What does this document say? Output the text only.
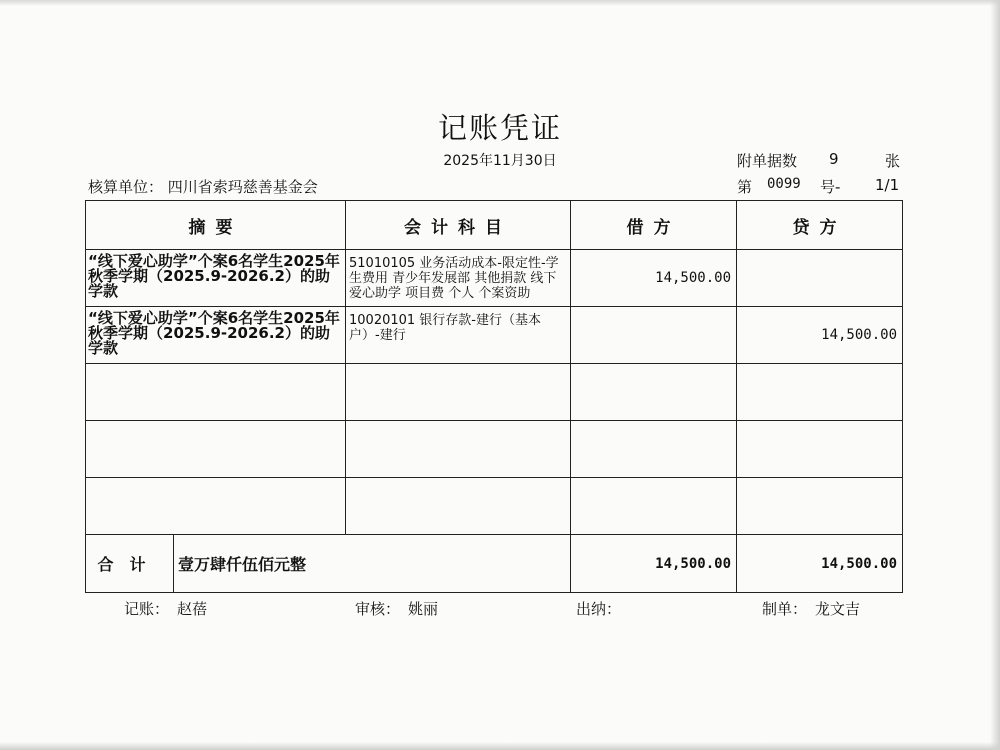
记账凭证
2025年11月30日	附单据数 9	张
核算单位： 四川省索玛慈善基金会	第 0099 号- 1/1
摘要		会计科目	借方	贷方

“线下爱心助学”个案6名学生2025年秋季学期（2025.9-2026.2）的助学款		51010105 业务活动成本-限定性-学生费用 青少年发展部 其他捐款 线下爱心助学 项目费 个人 个案资助	14,500.00	

“线下爱心助学”个案6名学生2025年秋季学期（2025.9-2026.2）的助学款		10020101 银行存款-建行（基本户）-建行		14,500.00

合计	壹万肆仟伍佰元整		14,500.00	14,500.00
记账： 赵蓓	审核： 姚丽	出纳：	制单： 龙文吉
